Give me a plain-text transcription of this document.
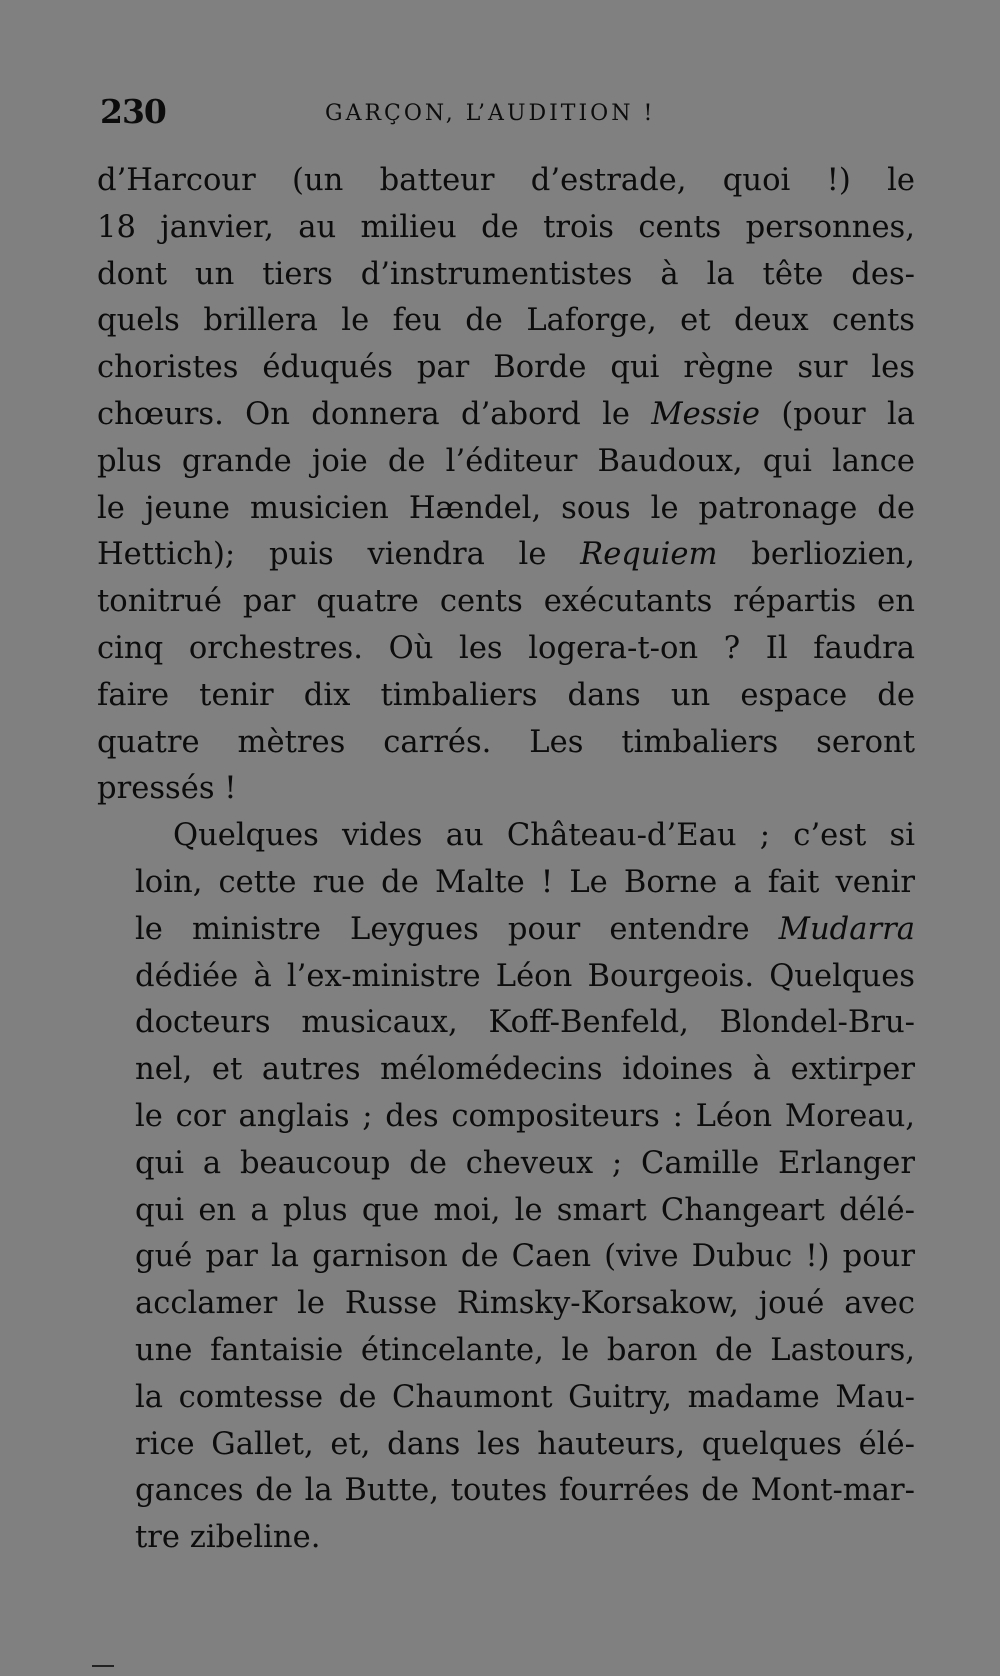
230	GARÇON, L’AUDITION !

d’Harcour (un batteur d’estrade, quoi !) le
18 janvier, au milieu de trois cents personnes,
dont un tiers d’instrumentistes à la tête des-
quels brillera le feu de Laforge, et deux cents
choristes éduqués par Borde qui règne sur les
chœurs. On donnera d’abord le Messie (pour la
plus grande joie de l’éditeur Baudoux, qui lance
le jeune musicien Hændel, sous le patronage de
Hettich); puis viendra le Requiem berliozien,
tonitrué par quatre cents exécutants répartis en
cinq orchestres. Où les logera-t-on ? Il faudra
faire tenir dix timbaliers dans un espace de
quatre mètres carrés. Les timbaliers seront
pressés !

Quelques vides au Château-d’Eau ; c’est si
loin, cette rue de Malte ! Le Borne a fait venir
le ministre Leygues pour entendre Mudarra
dédiée à l’ex-ministre Léon Bourgeois. Quelques
docteurs musicaux, Koff-Benfeld, Blondel-Bru-
nel, et autres mélomédecins idoines à extirper
le cor anglais ; des compositeurs : Léon Moreau,
qui a beaucoup de cheveux ; Camille Erlanger
qui en a plus que moi, le smart Changeart délé-
gué par la garnison de Caen (vive Dubuc !) pour
acclamer le Russe Rimsky-Korsakow, joué avec
une fantaisie étincelante, le baron de Lastours,
la comtesse de Chaumont Guitry, madame Mau-
rice Gallet, et, dans les hauteurs, quelques élé-
gances de la Butte, toutes fourrées de Mont-mar-
tre zibeline.
